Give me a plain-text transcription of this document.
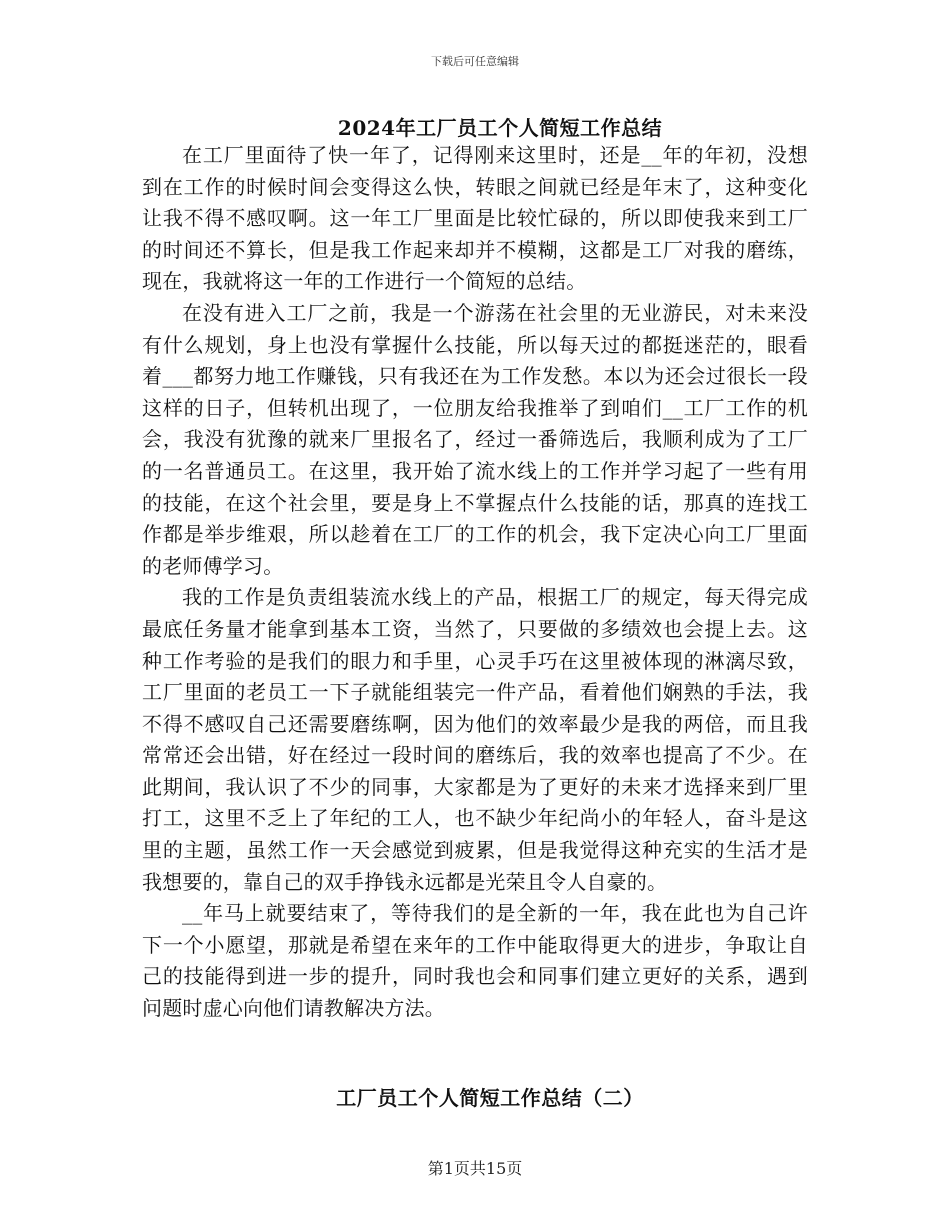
下载后可任意编辑
2024年工厂员工个人简短工作总结

在工厂里面待了快一年了，记得刚来这里时，还是__年的年初，没想到在工作的时候时间会变得这么快，转眼之间就已经是年末了，这种变化让我不得不感叹啊。这一年工厂里面是比较忙碌的，所以即使我来到工厂的时间还不算长，但是我工作起来却并不模糊，这都是工厂对我的磨练，现在，我就将这一年的工作进行一个简短的总结。

在没有进入工厂之前，我是一个游荡在社会里的无业游民，对未来没有什么规划，身上也没有掌握什么技能，所以每天过的都挺迷茫的，眼看着___都努力地工作赚钱，只有我还在为工作发愁。本以为还会过很长一段这样的日子，但转机出现了，一位朋友给我推举了到咱们__工厂工作的机会，我没有犹豫的就来厂里报名了，经过一番筛选后，我顺利成为了工厂的一名普通员工。在这里，我开始了流水线上的工作并学习起了一些有用的技能，在这个社会里，要是身上不掌握点什么技能的话，那真的连找工作都是举步维艰，所以趁着在工厂的工作的机会，我下定决心向工厂里面的老师傅学习。

我的工作是负责组装流水线上的产品，根据工厂的规定，每天得完成最底任务量才能拿到基本工资，当然了，只要做的多绩效也会提上去。这种工作考验的是我们的眼力和手里，心灵手巧在这里被体现的淋漓尽致，工厂里面的老员工一下子就能组装完一件产品，看着他们娴熟的手法，我不得不感叹自己还需要磨练啊，因为他们的效率最少是我的两倍，而且我常常还会出错，好在经过一段时间的磨练后，我的效率也提高了不少。在此期间，我认识了不少的同事，大家都是为了更好的未来才选择来到厂里打工，这里不乏上了年纪的工人，也不缺少年纪尚小的年轻人，奋斗是这里的主题，虽然工作一天会感觉到疲累，但是我觉得这种充实的生活才是我想要的，靠自己的双手挣钱永远都是光荣且令人自豪的。

__年马上就要结束了，等待我们的是全新的一年，我在此也为自己许下一个小愿望，那就是希望在来年的工作中能取得更大的进步，争取让自己的技能得到进一步的提升，同时我也会和同事们建立更好的关系，遇到问题时虚心向他们请教解决方法。

工厂员工个人简短工作总结（二）
第1页共15页
